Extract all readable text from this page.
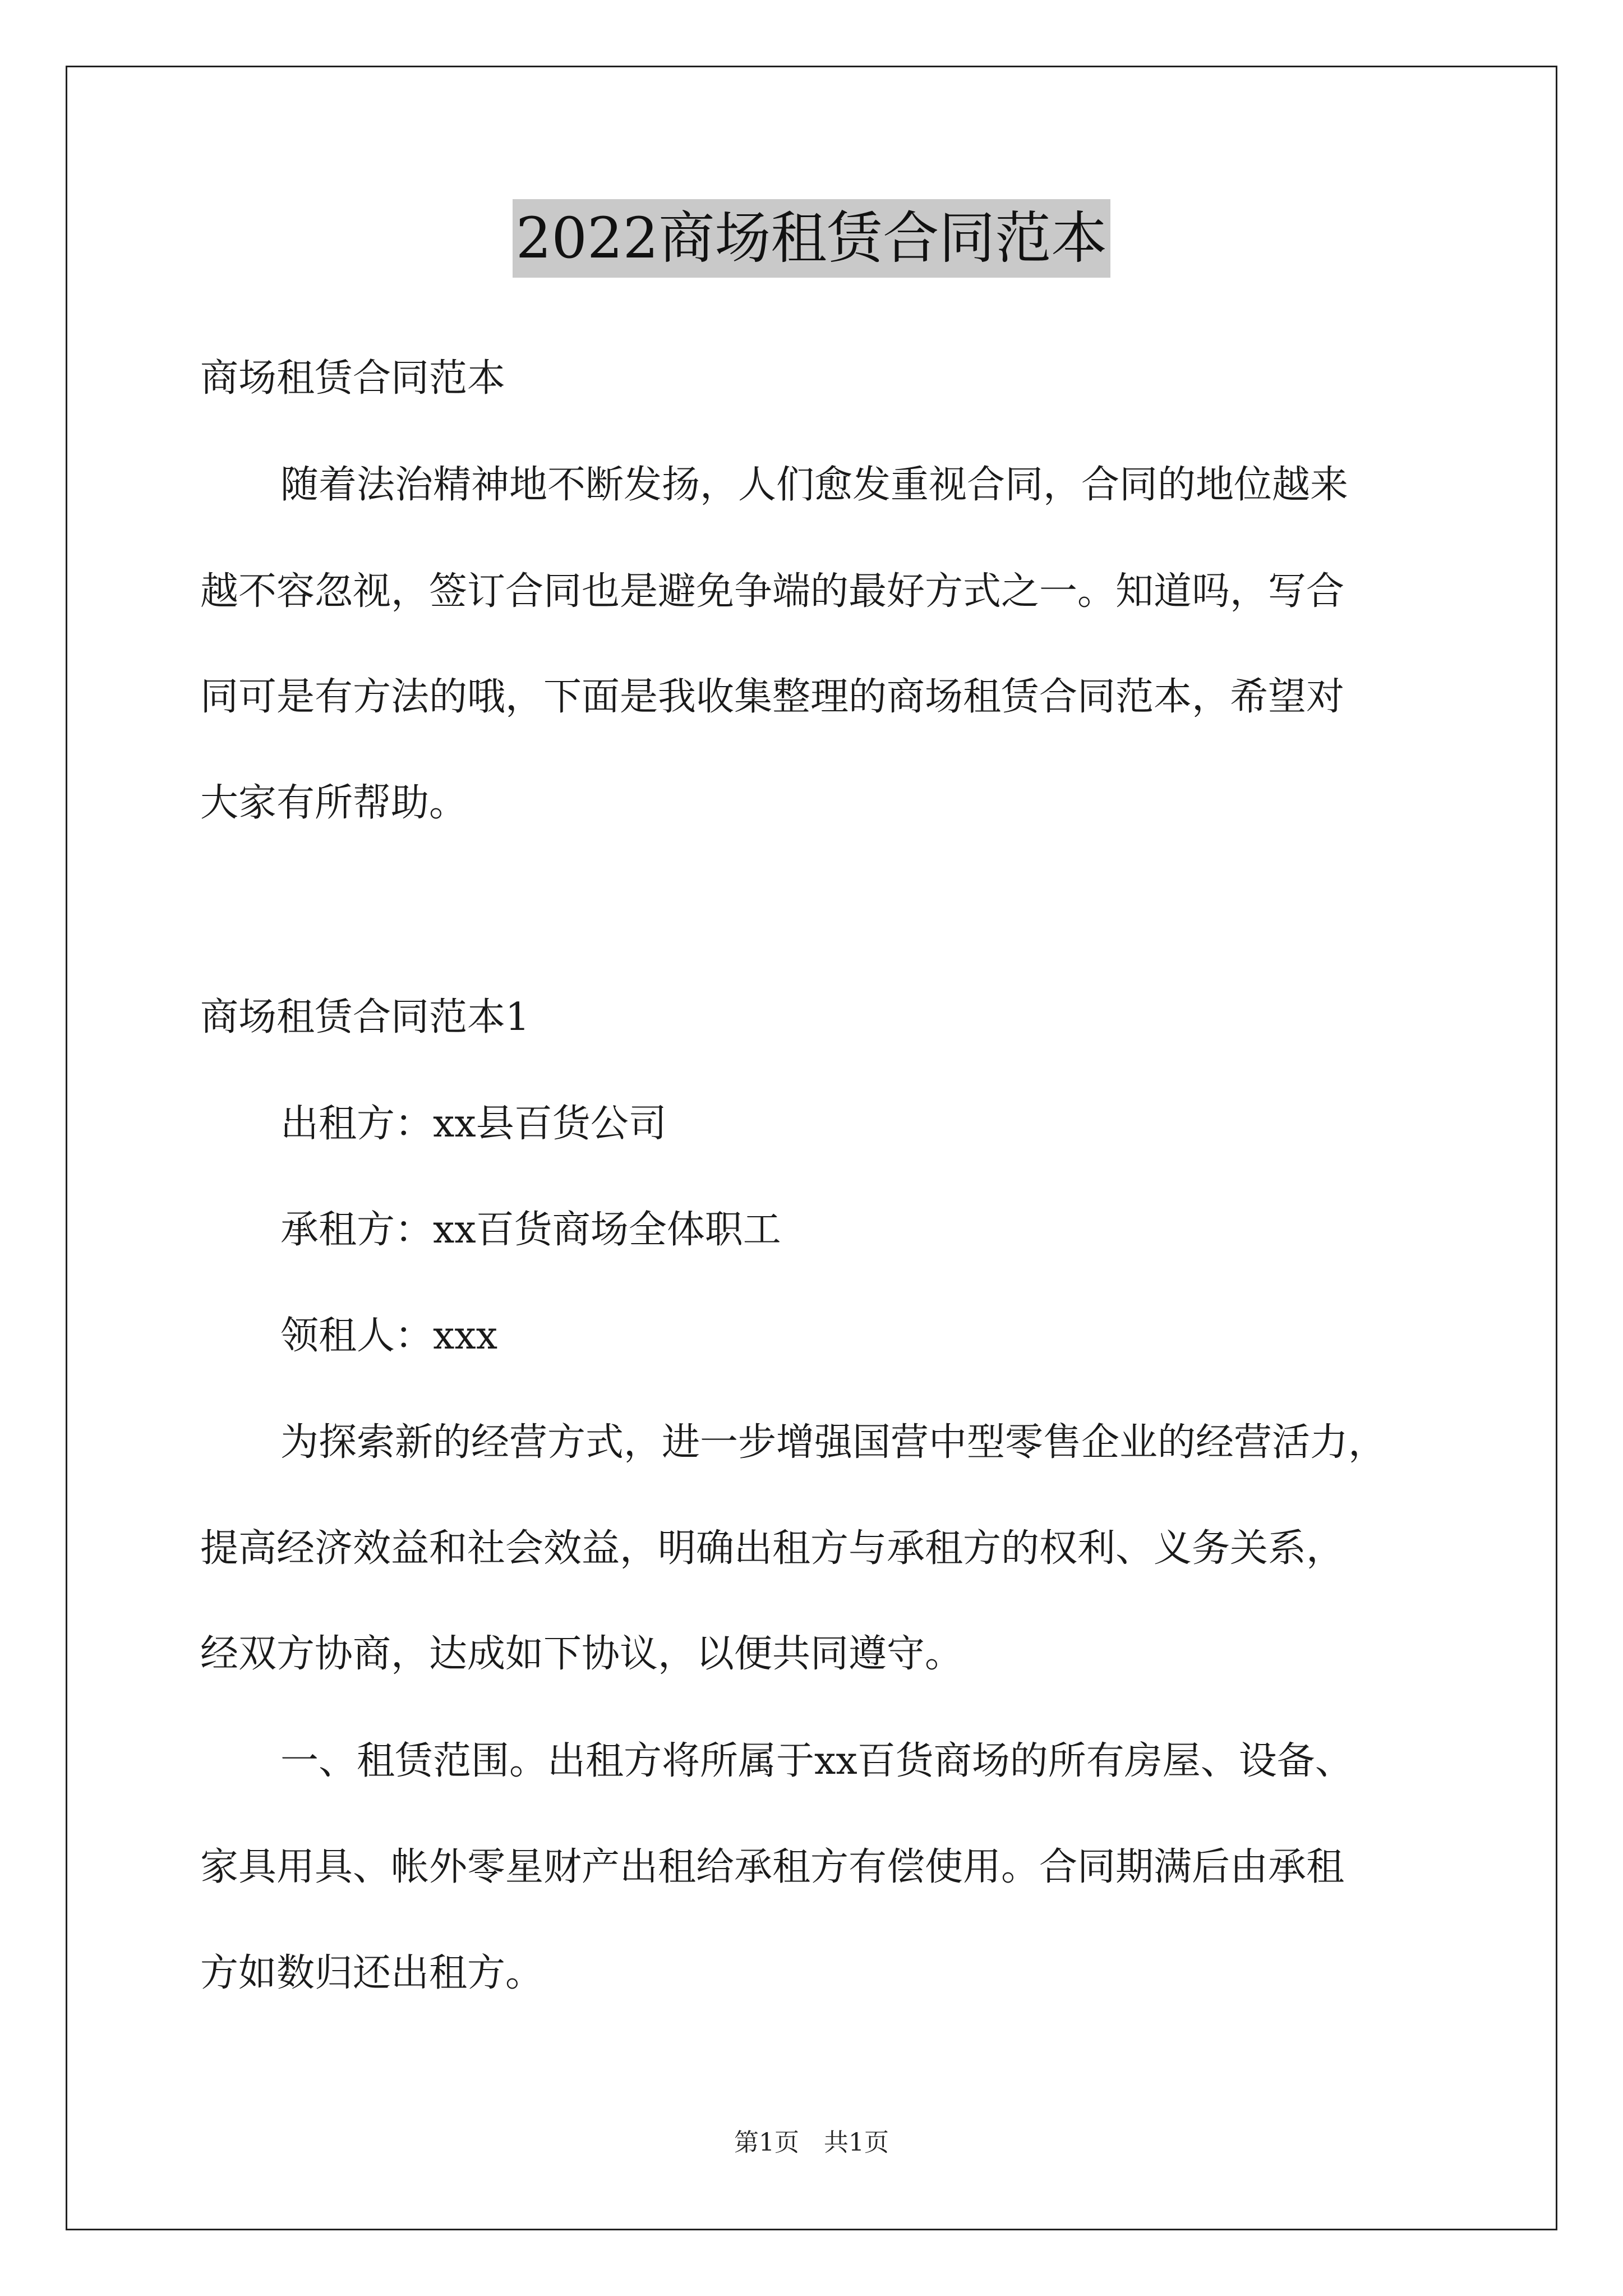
2022商场租赁合同范本
商场租赁合同范本
随着法治精神地不断发扬，人们愈发重视合同，合同的地位越来
越不容忽视，签订合同也是避免争端的最好方式之一。知道吗，写合
同可是有方法的哦，下面是我收集整理的商场租赁合同范本，希望对
大家有所帮助。
商场租赁合同范本1
出租方：xx县百货公司
承租方：xx百货商场全体职工
领租人：xxx
为探索新的经营方式，进一步增强国营中型零售企业的经营活力，
提高经济效益和社会效益，明确出租方与承租方的权利、义务关系，
经双方协商，达成如下协议，以便共同遵守。
一、租赁范围。出租方将所属于xx百货商场的所有房屋、设备、
家具用具、帐外零星财产出租给承租方有偿使用。合同期满后由承租
方如数归还出租方。
第1页　共1页
